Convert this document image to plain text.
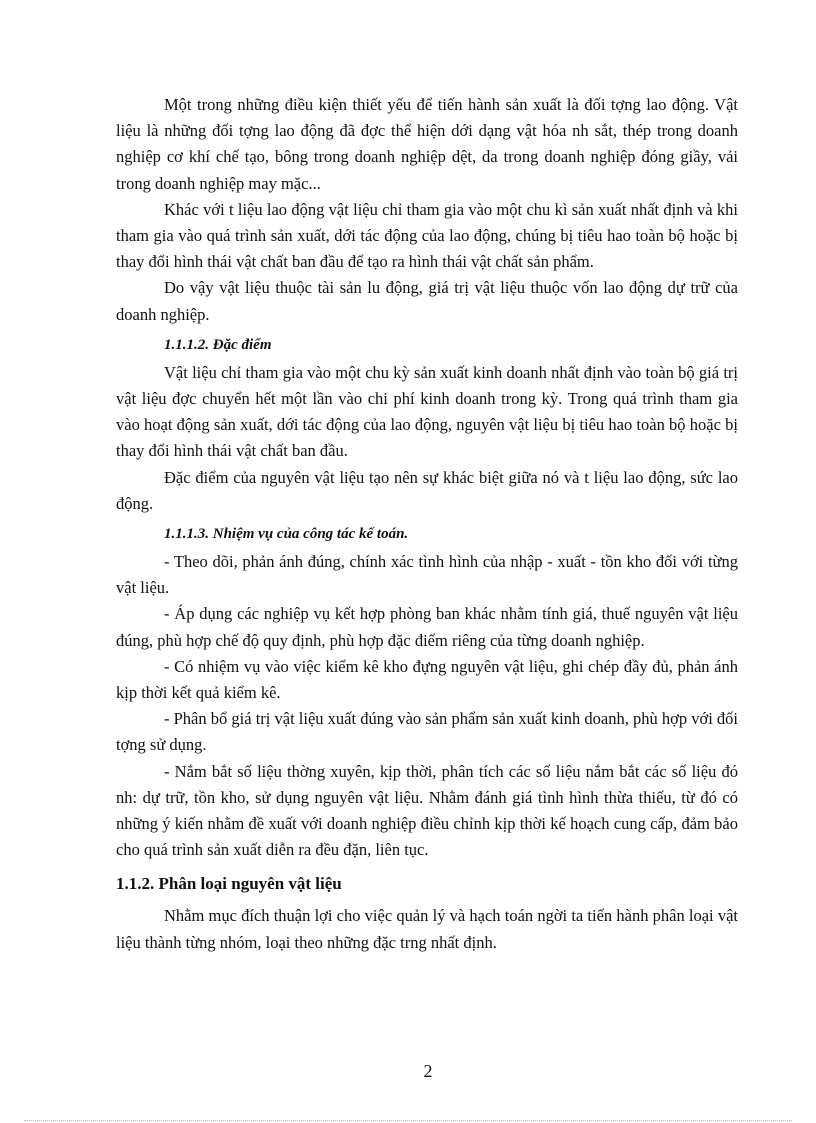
Một trong những điều kiện thiết yếu để tiến hành sản xuất là đối tợng lao động. Vật liệu là những đối tợng lao động đã đợc thể hiện dới dạng vật hóa nh sắt, thép trong doanh nghiệp cơ khí chế tạo, bông trong doanh nghiệp dệt, da trong doanh nghiệp đóng giầy, vải trong doanh nghiệp may mặc...

Khác với t liệu lao động vật liệu chỉ tham gia vào một chu kì sản xuất nhất định và khi tham gia vào quá trình sản xuất, dới tác động của lao động, chúng bị tiêu hao toàn bộ hoặc bị thay đổi hình thái vật chất ban đầu để tạo ra hình thái vật chất sản phẩm.

Do vậy vật liệu thuộc tài sản lu động, giá trị vật liệu thuộc vốn lao động dự trữ của doanh nghiệp.

1.1.1.2. Đặc điểm

Vật liệu chỉ tham gia vào một chu kỳ sản xuất kinh doanh nhất định vào toàn bộ giá trị vật liệu đợc chuyển hết một lần vào chi phí kinh doanh trong kỳ. Trong quá trình tham gia vào hoạt động sản xuất, dới tác động của lao động, nguyên vật liệu bị tiêu hao toàn bộ hoặc bị thay đổi hình thái vật chất ban đầu.

Đặc điểm của nguyên vật liệu tạo nên sự khác biệt giữa nó và t liệu lao động, sức lao động.

1.1.1.3. Nhiệm vụ của công tác kế toán.

- Theo dõi, phản ánh đúng, chính xác tình hình của nhập - xuất - tồn kho đối với từng vật liệu.

- Áp dụng các nghiệp vụ kết hợp phòng ban khác nhằm tính giá, thuế nguyên vật liệu đúng, phù hợp chế độ quy định, phù hợp đặc điểm riêng của từng doanh nghiệp.

- Có nhiệm vụ vào việc kiểm kê kho đựng nguyên vật liệu, ghi chép đầy đủ, phản ánh kịp thời kết quả kiểm kê.

- Phân bổ giá trị vật liệu xuất đúng vào sản phẩm sản xuất kinh doanh, phù hợp với đối tợng sử dụng.

- Nắm bắt số liệu thờng xuyên, kịp thời, phân tích các số liệu nắm bắt các số liệu đó nh: dự trữ, tồn kho, sử dụng nguyên vật liệu. Nhằm đánh giá tình hình thừa thiếu, từ đó có những ý kiến nhằm đề xuất với doanh nghiệp điều chỉnh kịp thời kế hoạch cung cấp, đảm bảo cho quá trình sản xuất diễn ra đều đặn, liên tục.

1.1.2. Phân loại nguyên vật liệu

Nhằm mục đích thuận lợi cho việc quản lý và hạch toán ngời ta tiến hành phân loại vật liệu thành từng nhóm, loại theo những đặc trng nhất định.

2
